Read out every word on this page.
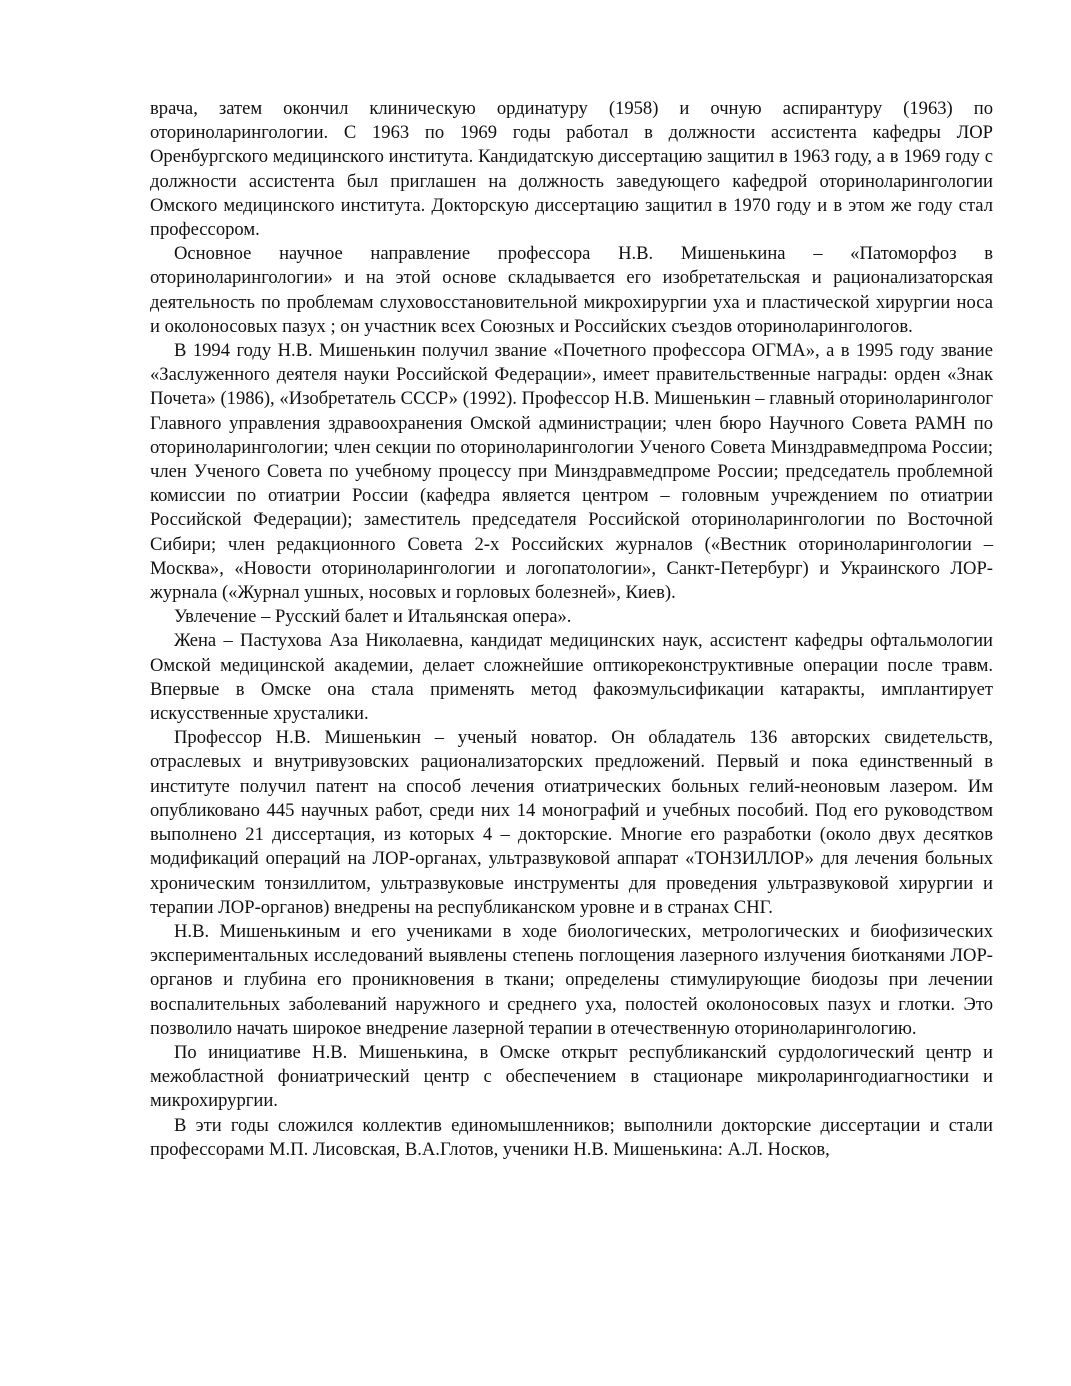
врача, затем окончил клиническую ординатуру (1958) и очную аспирантуру (1963) по оториноларингологии. С 1963 по 1969 годы работал в должности ассистента кафедры ЛОР Оренбургского медицинского института. Кандидатскую диссертацию защитил в 1963 году, а в 1969 году с должности ассистента был приглашен на должность заведующего кафедрой оториноларингологии Омского медицинского института. Докторскую диссертацию защитил в 1970 году и в этом же году стал профессором.

Основное научное направление профессора Н.В. Мишенькина – «Патоморфоз в оториноларингологии» и на этой основе складывается его изобретательская и рационализаторская деятельность по проблемам слуховосстановительной микрохирургии уха и пластической хирургии носа и околоносовых пазух ; он участник всех Союзных и Российских съездов оториноларингологов.

В 1994 году Н.В. Мишенькин получил звание «Почетного профессора ОГМА», а в 1995 году звание «Заслуженного деятеля науки Российской Федерации», имеет правительственные награды: орден «Знак Почета» (1986), «Изобретатель СССР» (1992). Профессор Н.В. Мишенькин – главный оториноларинголог Главного управления здравоохранения Омской администрации; член бюро Научного Совета РАМН по оториноларингологии; член секции по оториноларингологии Ученого Совета Минздравмедпрома России; член Ученого Совета по учебному процессу при Минздравмедпроме России; председатель проблемной комиссии по отиатрии России (кафедра является центром – головным учреждением по отиатрии Российской Федерации); заместитель председателя Российской оториноларингологии по Восточной Сибири; член редакционного Совета 2-х Российских журналов («Вестник оториноларингологии – Москва», «Новости оториноларингологии и логопатологии», Санкт-Петербург) и Украинского ЛОР-журнала («Журнал ушных, носовых и горловых болезней», Киев).

Увлечение – Русский балет и Итальянская опера».

Жена – Пастухова Аза Николаевна, кандидат медицинских наук, ассистент кафедры офтальмологии Омской медицинской академии, делает сложнейшие оптикореконструктивные операции после травм. Впервые в Омске она стала применять метод факоэмульсификации катаракты, имплантирует искусственные хрусталики.

Профессор Н.В. Мишенькин – ученый новатор. Он обладатель 136 авторских свидетельств, отраслевых и внутривузовских рационализаторских предложений. Первый и пока единственный в институте получил патент на способ лечения отиатрических больных гелий-неоновым лазером. Им опубликовано 445 научных работ, среди них 14 монографий и учебных пособий. Под его руководством выполнено 21 диссертация, из которых 4 – докторские. Многие его разработки (около двух десятков модификаций операций на ЛОР-органах, ультразвуковой аппарат «ТОНЗИЛЛОР» для лечения больных хроническим тонзиллитом, ультразвуковые инструменты для проведения ультразвуковой хирургии и терапии ЛОР-органов) внедрены на республиканском уровне и в странах СНГ.

Н.В. Мишенькиным и его учениками в ходе биологических, метрологических и биофизических экспериментальных исследований выявлены степень поглощения лазерного излучения биотканями ЛОР-органов и глубина его проникновения в ткани; определены стимулирующие биодозы при лечении воспалительных заболеваний наружного и среднего уха, полостей околоносовых пазух и глотки. Это позволило начать широкое внедрение лазерной терапии в отечественную оториноларингологию.

По инициативе Н.В. Мишенькина, в Омске открыт республиканский сурдологический центр и межобластной фониатрический центр с обеспечением в стационаре микроларингодиагностики и микрохирургии.

В эти годы сложился коллектив единомышленников; выполнили докторские диссертации и стали профессорами М.П. Лисовская, В.А.Глотов, ученики Н.В. Мишенькина: А.Л. Носков,
